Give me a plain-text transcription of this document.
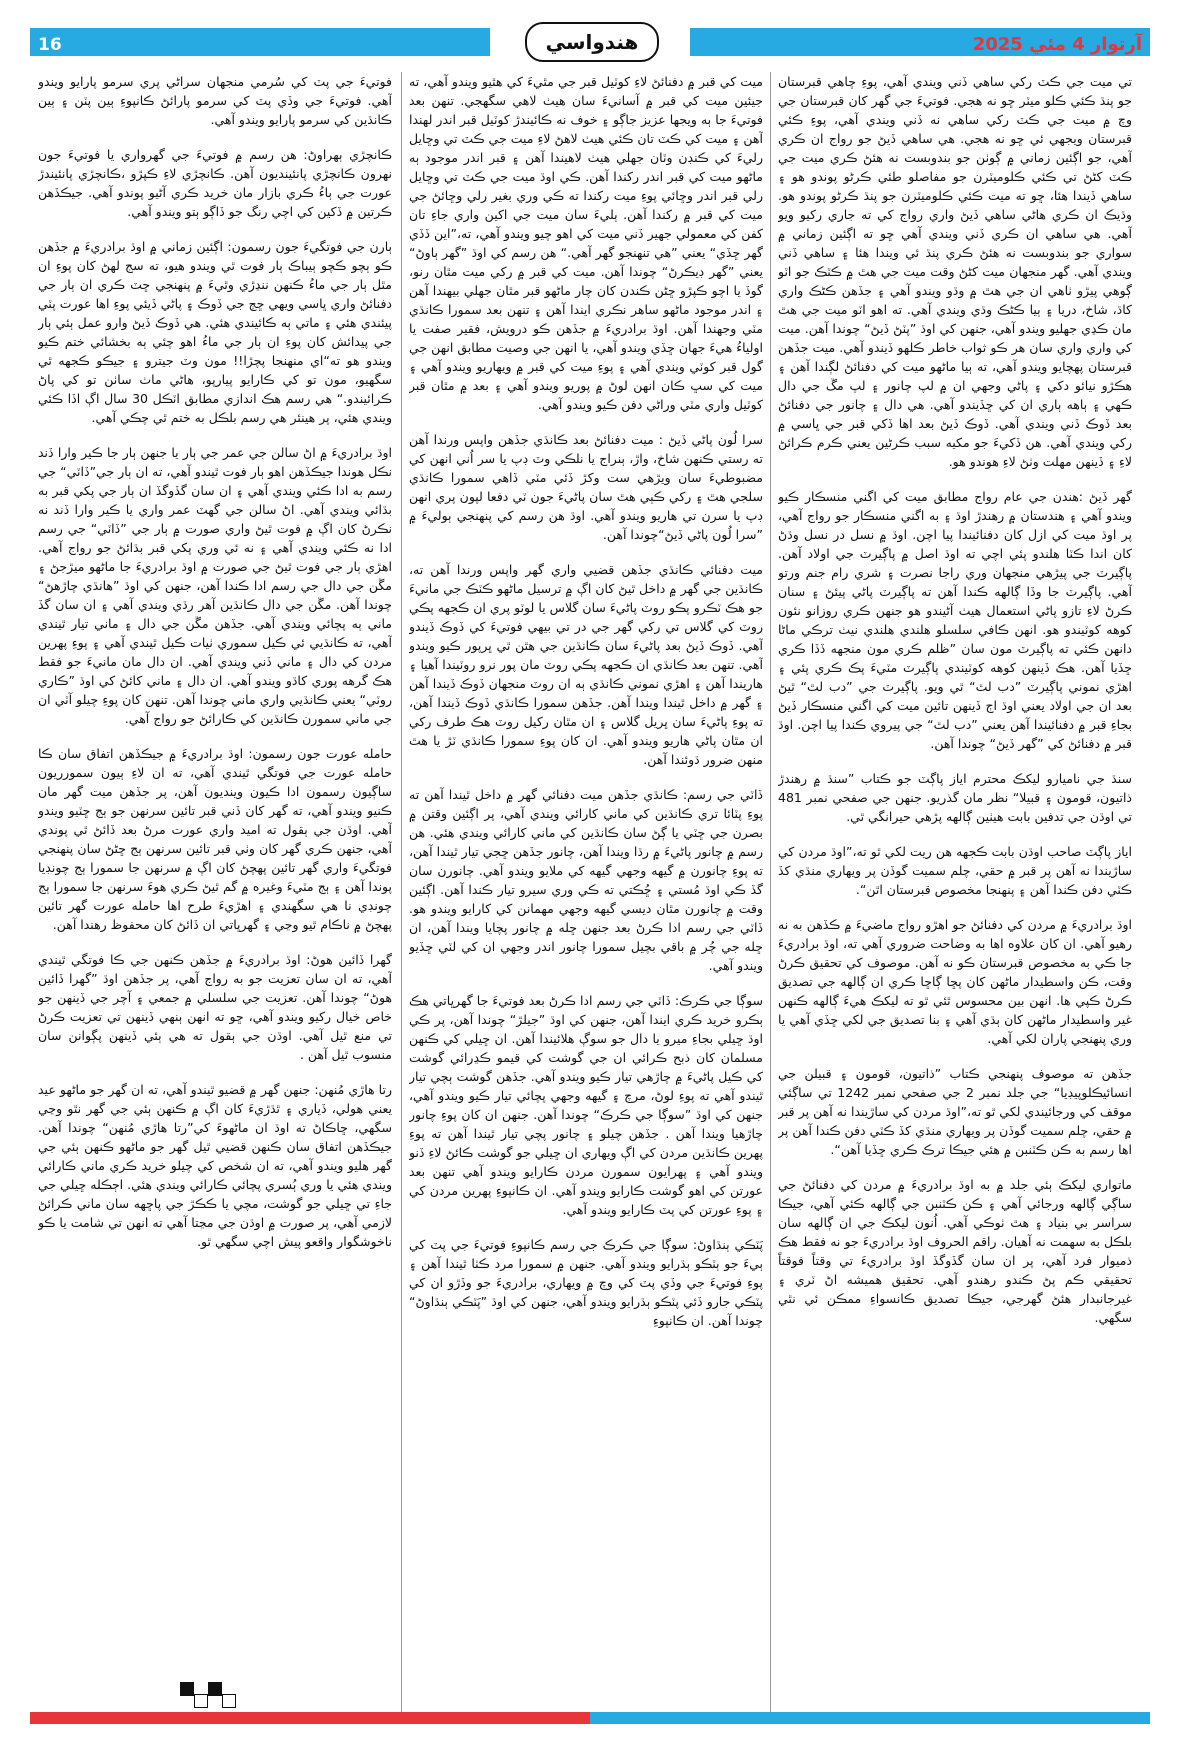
16	هندواسي	آرتوار 4 مئي 2025

تي ميت جي ڪٽ رکي ساهي ڏني ويندي آهي، پوءِ چاهي قبرستان جو پنڌ ڪئي ڪلو ميٽر ڇو نه هجي. فوتيءَ جي گهر کان قبرستان جي وچ ۾ ميت جي ڪٽ رکي ساهي نه ڏني ويندي آهي، پوءِ ڪئي قبرستان ويجهي ئي ڇو نه هجي. هي ساهي ڏيڻ جو رواج ان ڪري آهي، جو اڳئين زماني ۾ ڳوٺن جو بندوبست نه هئڻ ڪري ميت جي ڪٽ کڻڻ تي ڪئي ڪلوميٽرن جو مفاصلو طئي ڪرڻو پوندو هو ۽ ساهي ڏيندا هئا، ڇو ته ميت ڪئي ڪلوميٽرن جو پنڌ ڪرڻو پوندو هو. وڌيڪ ان ڪري هاڻي ساهي ڏيڻ واري رواج کي ته جاري رکيو ويو آهي. هي ساهي ان ڪري ڏني ويندي آهي ڇو ته اڳئين زماني ۾ سواري جو بندوبست نه هئڻ ڪري پنڌ ئي ويندا هئا ۽ ساهي ڏني ويندي آهي. گهر منجهان ميت کڻڻ وقت ميت جي هٿ ۾ ڪٽڪ جو اٽو ڳوهي پيڙو ٺاهي ان جي هٿ ۾ وڌو ويندو آهي ۽ جڏهن ڪڻڪ واري کاڌ، شاخ، دريا ۽ ٻيا ڪڻڪ وڌي ويندي آهي. ته اهو اٽو ميت جي هٿ مان ڪڍي جهليو ويندو آهي، جنهن کي اوڌ ”پٽڻ ڏيڻ“ چوندا آهن. ميت کي واري واري سان هر ڪو ثواب خاطر ڪلهو ڏيندو آهي. ميت جڏهن قبرستان پهچايو ويندو آهي، ته ٻيا ماڻهو ميت کي دفنائڻ لڳندا آهن ۽ هڪڙو نيائو دکي ۽ پاڻي وجهي ان ۾ لپ چانور ۽ لپ مڱ جي دال ڪهي ۽ ٻاهه ٻاري ان کي ڇڏيندو آهي. هي دال ۽ چانور جي دفنائڻ بعد ڏوڪ ڏني ويندي آهي. ڏوڪ ڏيڻ بعد اها ڏکي قبر جي ڀاسي ۾ رکي ويندي آهي. هن ڏکيءَ جو مکيه سبب ڪرڻين يعني ڪرم ڪرائڻ لاءِ ۽ ڏينهن مهلت وٺڻ لاءِ هوندو هو.

گهر ڏيڻ :هندن جي عام رواج مطابق ميت کي اگني منسڪار ڪيو ويندو آهي ۽ هندستان ۾ رهندڙ اوڌ ۽ به اگني منسڪار جو رواج آهي، پر اوڌ ميت کي ازل کان دفنائيندا پيا اچن. اوڌ ۾ نسل در نسل وڌڻ کان اندا ڪٽا هلندو پئي اچي ته اوڌ اصل ۾ پاڳيرٽ جي اولاد آهن. پاڳيرٽ جي پيڙهي منجهان وري راجا نصرت ۽ شري رام جنم ورتو آهي. پاڳيرٽ جا وڏا ڳالهه ڪندا آهن ته پاڳيرٽ پاڻي پيئڻ ۽ سنان ڪرڻ لاءِ تازو پاڻي استعمال هيٺ آڻيندو هو جنهن ڪري روزانو نئون کوهه کوٽيندو هو. انهن ڪافي سلسلو هلندي هلندي نيٺ ترڪي ماڻا دانهن ڪئي ته پاڳيرٽ مون سان ”ظلم ڪري مون منجهه ڏڏا ڪري ڇڏيا آهن. هڪ ڏينهن کوهه کوٽيندي پاڳيرٽ مٽيءَ پڪ ڪري پئي ۽ اهڙي نموني پاڳيرٽ ”دب لٿ“ ٿي ويو. پاڳيرٽ جي ”دب لٿ“ ٿيڻ بعد ان جي اولاد يعني اوڌ اڄ ڏينهن تائين ميت کي اگني منسڪار ڏيڻ بجاءِ قبر ۾ دفنائيندا آهن يعني ”دب لٿ“ جي پيروي ڪندا پيا اچن. اوڌ قبر ۾ دفنائڻ کي ”گهر ڏيڻ“ چوندا آهن.

سنڌ جي ناميارو ليکڪ محترم اياز پاڳٽ جو ڪتاب ”سنڌ ۾ رهندڙ ذاتيون، قومون ۽ قبيلا“ نظر مان گذريو. جنهن جي صفحي نمبر 481 تي اوڌن جي تدفين بابت هيٺين ڳالهه پڙهي حيرانگي ٿي.

اياز پاڳٽ صاحب اوڌن بابت ڪجهه هن ريت لکي ٿو ته،”اوڌ مردن کي ساڙيندا نه آهن پر قبر ۾ حقي، چلم سميت گوڏن پر ويهاري منڌي کڏ ڪٽي دفن ڪندا آهن ۽ پنهنجا مخصوص قبرستان اٿن“.

اوڌ برادريءَ ۾ مردن کي دفنائڻ جو اهڙو رواج ماضيءَ ۾ ڪڏهن به نه رهيو آهي. ان کان علاوه اها به وضاحت ضروري آهي ته، اوڌ برادريءَ جا ڪي به مخصوص قبرستان ڪو نه آهن. موصوف کي تحقيق ڪرڻ وقت، ڪن واسطيدار ماڻهن کان پڇا ڳاڇا ڪري ان ڳالهه جي تصديق ڪرڻ ڪپي ها. انهن بين محسوس ٿئي ٿو ته ليکڪ هيءَ ڳالهه ڪنهن غير واسطيدار ماڻهن کان ٻڌي آهي ۽ بنا تصديق جي لکي ڇڏي آهي يا وري پنهنجي پاران لکي آهي.

جڏهن ته موصوف پنهنجي ڪتاب ”ذاتيون، قومون ۽ قبيلن جي انسائيڪلوپيڊيا“ جي جلد نمبر 2 جي صفحي نمبر 1242 تي ساڳئي موقف کي ورجائيندي لکي ٿو ته،”اوڌ مردن کي ساڙيندا نه آهن پر قبر ۾ حقي، چلم سميت گوڏن پر ويهاري منڌي کڏ ڪٽي دفن ڪندا آهن پر اها رسم به ڪن ڪٽنبن ۾ هئي جيڪا ترڪ ڪري ڇڏيا آهن“.

ماتواري ليکڪ ٻئي جلد ۾ به اوڌ برادريءَ ۾ مردن کي دفنائڻ جي ساڳي ڳالهه ورجائي آهي ۽ ڪن ڪٽنبن جي ڳالهه ڪئي آهي، جيڪا سراسر بي بنياد ۽ هٿ ٺوڪي آهي. اُنون ليکڪ جي ان ڳالهه سان بلڪل به سهمت نه آهيان. راقم الحروف اوڌ برادريءَ جو نه فقط هڪ ذميوار فرد آهي، پر ان سان گڏوگڏ اوڌ برادريءَ تي وقتاً فوقتاً تحقيقي ڪم پڻ ڪندو رهندو آهي. تحقيق هميشه اڻ ٽري ۽ غيرجانبدار هئڻ گهرجي، جيڪا تصديق ڪانسواءِ ممڪن ئي نٿي سگهي.

ميت کي قبر ۾ دفنائڻ لاءِ کوٽيل قبر جي مٿيءَ کي هٿيو ويندو آهي، ته جيئين ميت کي قبر ۾ آسانيءَ سان هيٺ لاهي سگهجي. تنهن بعد فوتيءَ جا ٻه ويجها عزيز جاڳو ۽ خوف نه ڪائيندڙ کوٽيل قبر اندر لهندا آهن ۽ ميت کي ڪٽ تان ڪئي هيٺ لاهڻ لاءِ ميت جي ڪٽ تي وڇايل رليءَ کي ڪنڊن وٽان جهلي هيٺ لاهيندا آهن ۽ قبر اندر موجود ٻه ماڻهو ميت کي قبر اندر رکندا آهن. ڪي اوڌ ميت جي ڪٽ تي وڇايل رلي قبر اندر وڇائي پوءِ ميت رکندا ته ڪي وري بغير رلي وڇائڻ جي ميت کي قبر ۾ رکندا آهن. ٻليءَ سان ميت جي اکين واري جاءِ تان کفن کي معمولي جهير ڏني ميت کي اهو چيو ويندو آهي، ته،”اين ڏڏي گهر ڇڏي“ يعني ”هي تنهنجو گهر آهي.“ هن رسم کي اوڌ ”گهر ٻاوڻ“ يعني ”گهر ڊيڪرڻ“ چوندا آهن. ميت کي قبر ۾ رکي ميت مٿان رنو، گوڏ يا اچو ڪپڙو ڇڻن ڪندن کان چار ماڻهو قبر مٿان جهلي بيهندا آهن ۽ اندر موجود ماڻهو ساهر نڪري ايندا آهن ۽ تنهن بعد سمورا ڪانڌي مٽي وجهندا آهن. اوڌ برادريءَ ۾ جڏهن ڪو درويش، فقير صفت يا اولياءُ هيءَ جهان ڇڏي ويندو آهي، يا انهن جي وصيت مطابق انهن جي گول قبر کوٽي ويندي آهي ۽ پوءِ ميت کي قبر ۾ ويهاريو ويندو آهي ۽ ميت کي سڀ ڪان انهن لوڻ ۾ پوريو ويندو آهي ۽ بعد ۾ مٿان قبر کوٽيل واري مٽي وراڻي دفن ڪيو ويندو آهي.

سرا لُون پاڻي ڏيڻ : ميت دفنائڻ بعد ڪانڌي جڏهن واپس ورندا آهن ته رستي ڪنهن شاخ، واڙ، ٻنراج يا نلڪي وٽ ڊپ يا سر اُني انهن کي مضبوطيءَ سان ويڙهي ست وکڙ ڏئي مٽي ڏاهي سمورا ڪانڌي سلجي هٿ ۽ رکي ڪٻي هٿ سان پاڻيءَ جون ٽي دفعا لپون پري انهن ڊپ يا سرن تي هاريو ويندو آهي. اوڌ هن رسم کي پنهنجي ٻوليءَ ۾ ”سرا لُون پاڻي ڏيڻ“چوندا آهن.

ميت دفنائي ڪانڌي جڏهن قضيي واري گهر واپس ورندا آهن ته، ڪانڌين جي گهر ۾ داخل ٿيڻ کان اڳ ۾ ترسيل ماڻهو ڪٽڪ جي مانيءَ جو هڪ ٽڪرو پڪو روٽ پاڻيءَ سان گلاس يا لوٽو پري ان ڪجهه پڪي روٽ کي گلاس تي رکي گهر جي در تي بيهي فوتيءَ کي ڏوڪ ڏيندو آهي. ڏوڪ ڏيڻ بعد پاڻيءَ سان ڪانڌين جي هٿن ٿي ڀرپور ڪيو ويندو آهي. تنهن بعد ڪانڌي ان ڪجهه پڪي روٽ مان پور نرو روٽيندا آهيا ۽ هاريندا آهن ۽ اهڙي نموني ڪانڌي ٻه ان روٽ منجهان ڏوڪ ڏيندا آهن ۽ گهر ۾ داخل ٿيندا ويندا آهن. جڏهن سمورا ڪانڌي ڏوڪ ڏيندا آهن، ته پوءِ پاڻيءَ سان ڀريل گلاس ۽ ان مٿان رکيل روٽ هڪ طرف رکي ان مٿان پاڻي هاريو ويندو آهي. ان کان پوءِ سمورا ڪانڌي ٽڙ يا هٿ منهن ضرور ڌوئندا آهن.

ڏاٽي جي رسم: ڪانڌي جڏهن ميت دفنائي گهر ۾ داخل ٿيندا آهن ته پوءِ پٽائا تري ڪانڌين کي ماني کارائي ويندي آهي، پر اڳئين وقتن ۾ بصرن جي ڇٽي يا ڳڻ سان ڪانڌين کي ماني کارائي ويندي هئي. هن رسم ۾ چانور پاڻيءَ ۾ رڌا ويندا آهن، چانور جڏهن ڇجي تيار ٿيندا آهن، ته پوءِ چانورن ۾ گيهه وجهي گيهه کي ملايو ويندو آهي. چانورن سان گڏ ڪي اوڌ مُستي ۽ ڇُڪتي ته ڪي وري سيرو تيار ڪندا آهن. اڳئين وقت ۾ چانورن مٿان ديسي گيهه وجهي مهمانن کي کارايو ويندو هو. ڏاٽي جي رسم ادا ڪرڻ بعد جنهن ڇله ۾ چانور پچايا ويندا آهن، ان ڇله جي چُر ۾ باقي بچيل سمورا چانور اندر وجهي ان کي لٽي ڇڏيو ويندو آهي.

سوڳا جي ڪرڪ: ڏاٽي جي رسم ادا ڪرڻ بعد فوتيءَ جا گهرڀاتي هڪ ٻڪرو خريد ڪري ايندا آهن، جنهن کي اوڌ ”جيلڙ“ چوندا آهن، پر ڪي اوڌ ڇيلي بجاءِ ميرو يا دال جو سوڳ هلائيندا آهن. ان ڇيلي کي ڪنهن مسلمان کان ذبح ڪرائي ان جي گوشت کي قيمو ڪڍرائي گوشت کي ڪيل پاڻيءَ ۾ چاڙهي تيار ڪيو ويندو آهي. جڏهن گوشت ٻچي تيار ٿيندو آهي ته پوءِ لوڻ، مرچ ۽ گيهه وجهي پچائي تيار ڪيو ويندو آهي، جنهن کي اوڌ ”سوڳا جي ڪرڪ“ چوندا آهن. جنهن ان کان پوءِ چانور چاڙهيا ويندا آهن . جڏهن چيلو ۽ چانور پچي تيار ٿيندا آهن ته پوءِ پهرين ڪانڌين مردن کي اڳ ويهاري ان ڇيلي جو گوشت ڪائڻ لاءِ ڏنو ويندو آهي ۽ پهرايون سمورن مردن ڪارايو ويندو آهي تنهن بعد عورتن کي اهو گوشت ڪارايو ويندو آهي. ان ڪانپوءِ پهرين مردن کي ۽ پوءِ عورتن کي پٽ ڪارايو ويندو آهي.

پَٽڪي ٻنڌاوڻ: سوڳا جي ڪرڪ جي رسم ڪانپوءِ فوتيءَ جي پٽ کي ٻيءَ جو ٻٽڪو ٻڌرايو ويندو آهي. جنهن ۾ سمورا مرد ڪٺا ٿيندا آهن ۽ پوءِ فوتيءَ جي وڏي پٽ کي وچ ۾ ويهاري، برادريءَ جو وڏڙو ان کي پٽڪي جارو ڏئي پٽڪو ٻڌرايو ويندو آهي، جنهن کي اوڌ ”پَٽڪي ٻنڌاوڻ“ چوندا آهن. ان ڪانپوءِ

فوتيءَ جي پٽ کي سُرمي منجهان سراڻي پري سرمو پارايو ويندو آهي. فوتيءَ جي وڏي پٽ کي سرمو پارائڻ ڪانپوءِ ٻين پٽن ۽ ٻين ڪانڌين کي سرمو پارايو ويندو آهي.

ڪانچڙي ٻهراوڻ: هن رسم ۾ فوتيءَ جي گهرواري يا فوتيءَ جون نهرون ڪانچڙي پانئينديون آهن. ڪانچڙي لاءِ ڪپڙو ،ڪانچڙي پانئيندڙ عورت جي ٻاءُ ڪري بازار مان خريد ڪري آڻيو پوندو آهي. جيڪڏهن ڪرتين ۾ ڏکين کي اچي رنگ جو ڏاڳو ٻتو ويندو آهي.

ٻارن جي فوتگيءَ جون رسمون: اڳئين زماني ۾ اوڌ برادريءَ ۾ جڏهن ڪو ٻچو ڪچو ٻيباڪ ٻار فوت ٿي ويندو هيو، ته سج لهڻ کان پوءِ ان مٿل ٻار جي ماءُ ڪنهن ننڍڙي وٿيءَ ۾ پنهنجي ڇٽ ڪري ان ٻار جي دفنائڻ واري ڀاسي ويهي ڇڄ جي ڏوڪ ۽ پاڻي ڏيئي پوءِ اها عورت پٽي پيئندي هئي ۽ ماتي ٻه ڪائيندي هئي. هي ڏوڪ ڏيڻ وارو عمل ٻئي ٻار جي پيدائش کان پوءِ ان ٻار جي ماءُ اهو چئي ٻه بخشائي ختم ڪيو ويندو هو ته“اي منهنجا پچڙا!! مون وٽ جيترو ۽ جيڪو ڪجهه ٿي سگهيو، مون تو کي ڪارايو پيارپو، هاڻي ماٺ ساٺن تو کي پاڻ ڪرائيندو.“ هي رسم هڪ اندازي مطابق اٽڪل 30 سال اڳ اڏا ڪئي ويندي هئي، پر هينئر هي رسم بلڪل به ختم ٿي چڪي آهي.

اوڌ برادريءَ ۾ اڻ سالن جي عمر جي ٻار يا جنهن ٻار جا ڪير وارا ڏند نڪل هوندا جيڪڏهن اهو ٻار فوت ٿيندو آهي، ته ان ٻار جي”ڏاٽي“ جي رسم به ادا ڪئي ويندي آهي ۽ ان سان گڏوگڏ ان ٻار جي پکي قبر به بڌائي ويندي آهي. اڻ سالن جي گهٽ عمر واري يا ڪير وارا ڏند نه نڪرڻ کان اڳ ۾ فوت ٿيڻ واري صورت ۾ ٻار جي ”ڏاٽي“ جي رسم ادا نه ڪئي ويندي آهي ۽ نه ئي وري پکي قبر بڌائڻ جو رواج آهي. اهڙي ٻار جي فوت ٿيڻ جي صورت ۾ اوڌ برادريءَ جا ماڻهو ميڙجڻ ۽ مڱن جي دال جي رسم ادا ڪندا آهن، جنهن کي اوڌ ”هانڌي چاڙهڻ“ چوندا آهن. مڱن جي دال ڪانڌين آهر رڌي ويندي آهي ۽ ان سان گڏ ماني ٻه پچائي ويندي آهي. جڏهن مڱن جي دال ۽ ماني تيار ٿيندي آهي، ته ڪانڌيي ئي ڪيل سموري ٺيات ڪيل ٿيندي آهي ۽ پوءِ پهرين مردن کي دال ۽ ماني ڏني ويندي آهي. ان دال مان مانيءَ جو فقط هڪ گرهه پوري کاڌو ويندو آهي. ان دال ۽ ماني کائڻ کي اوڌ ”ڪاري روٽي“ يعني ڪانڌيي واري ماني چوندا آهن. تنهن کان پوءِ چيلو آٽي ان جي ماني سمورن ڪانڌين کي ڪارائڻ جو رواج آهي.

حامله عورت جون رسمون: اوڌ برادريءَ ۾ جيڪڏهن اتفاق سان ڪا حامله عورت جي فوتگي ٿيندي آهي، ته ان لاءِ ٻيون سمورريون ساڳيون رسمون ادا ڪيون وينديون آهن، پر جڏهن ميت گهر مان ڪنيو ويندو آهي، ته گهر کان ڏني قبر تائين سرنهن جو ٻج ڇٽيو ويندو آهي. اوڌن جي ٻقول ته اميد واري عورت مرڻ بعد ڏائڻ ٿي پوندي آهي، جنهن ڪري گهر کان وٺي قبر تائين سرنهن ٻج ڇڻڻ سان پنهنجي فوتگيءَ واري گهر تائين پهچڻ کان اڳ ۾ سرنهن جا سمورا ٻج چونڊيا پوندا آهن ۽ ٻج مٽيءَ وغيره ۾ گم ٿيڻ ڪري هوءَ سرنهن جا سمورا ٻج چونڊي نا هي سگهندي ۽ اهڙيءَ طرح اها حامله عورت گهر تائين پهچڻ ۾ ناڪام ٿيو وڃي ۽ گهرڀاتي ان ڏائڻ کان محفوظ رهندا آهن.

گهرا ڏائين هوڻ: اوڌ برادريءَ ۾ جڏهن ڪنهن جي ڪا فوتگي ٿيندي آهي، ته ان سان تعزيت جو به رواج آهي، پر جڏهن اوڌ ”گهرا ڏائين هوڻ“ چوندا آهن. تعزيت جي سلسلي ۾ جمعي ۽ آچر جي ڏينهن جو خاص خيال رکيو ويندو آهي، ڇو ته انهن ٻنهي ڏينهن تي تعزيت ڪرڻ تي منع ٿيل آهي. اوڌن جي ٻقول ته هي ٻئي ڏينهن پڳوانن سان منسوب ٿيل آهن .

رتا هاڙي مُنهن: جنهن گهر ۾ قضيو ٿيندو آهي، ته ان گهر جو ماڻهو عيد يعني هولي، ڏياري ۽ ٿڌڙيءَ کان اڳ ۾ ڪنهن ٻئي جي گهر نٿو وڃي سگهي، ڇاڪاڻ ته اوڌ ان ماڻهوءَ کي”رتا هاڙي مُنهن“ چوندا آهن. جيڪڏهن اتفاق سان ڪنهن قضيي ٿيل گهر جو ماڻهو ڪنهن ٻئي جي گهر هليو ويندو آهي، ته ان شخص کي چيلو خريد ڪري ماني ڪارائي ويندي هئي يا وري ٻُسري پچائي ڪارائي ويندي هئي. اڄڪله ڇيلي جي جاءِ تي ڇيلي جو گوشت، مچي يا ڪڪڙ جي پاڇهه سان ماني ڪرائڻ لازمي آهي، پر صورت ۾ اوڌن جي مڃتا آهي ته انهن تي شامت يا ڪو ناخوشگوار واقعو پيش اچي سگهي ٿو.
